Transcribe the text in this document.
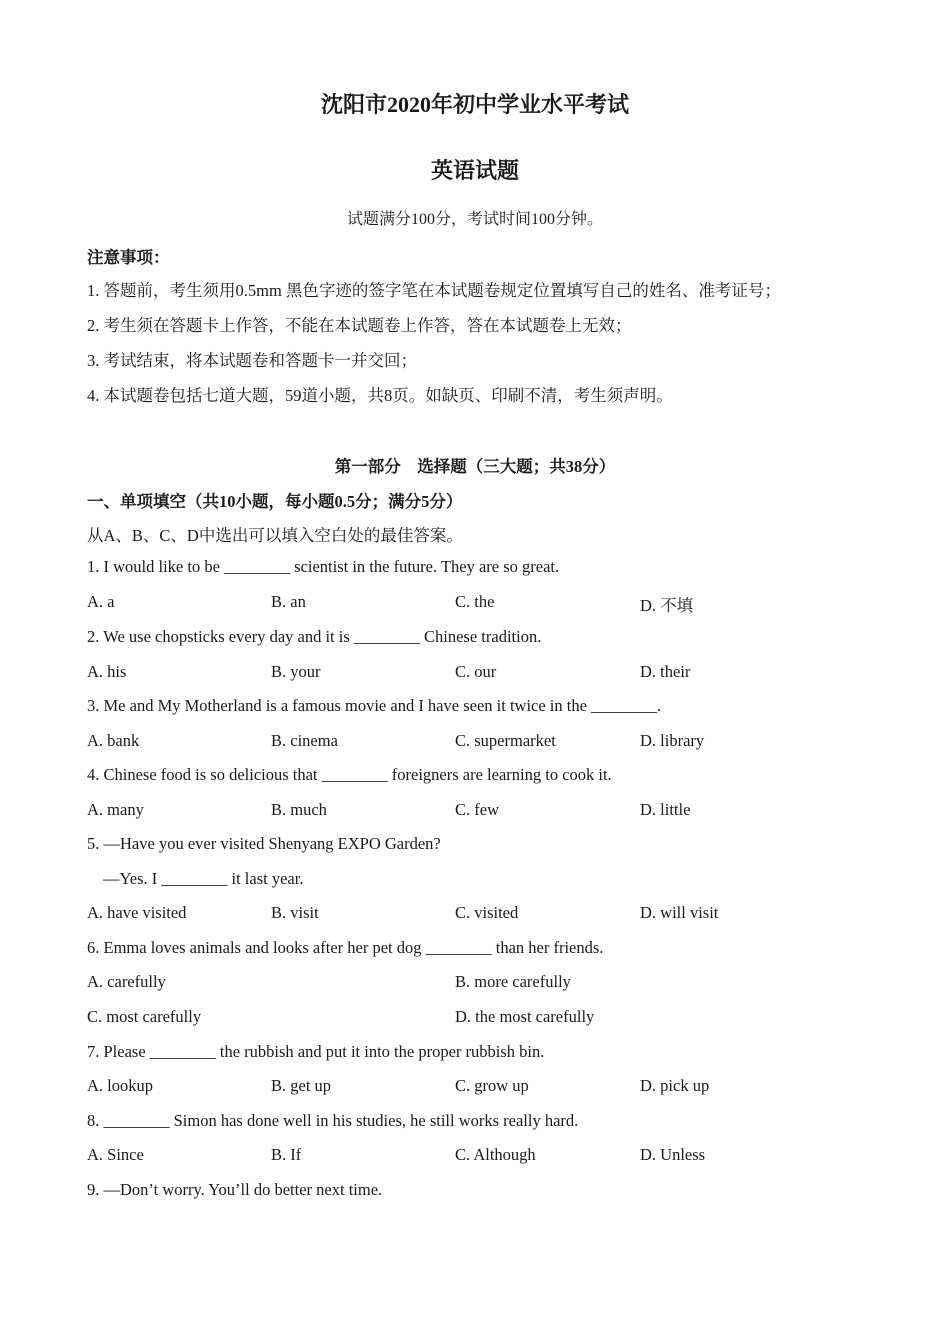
沈阳市2020年初中学业水平考试
英语试题
试题满分100分，考试时间100分钟。
注意事项：
1. 答题前，考生须用0.5mm 黑色字迹的签字笔在本试题卷规定位置填写自己的姓名、准考证号；
2. 考生须在答题卡上作答，不能在本试题卷上作答，答在本试题卷上无效；
3. 考试结束，将本试题卷和答题卡一并交回；
4. 本试题卷包括七道大题，59道小题，共8页。如缺页、印刷不清，考生须声明。
第一部分　选择题（三大题；共38分）
一、单项填空（共10小题，每小题0.5分；满分5分）
从A、B、C、D中选出可以填入空白处的最佳答案。
1. I would like to be ________ scientist in the future. They are so great.
A. a	B. an	C. the	D. 不填
2. We use chopsticks every day and it is ________ Chinese tradition.
A. his	B. your	C. our	D. their
3. Me and My Motherland is a famous movie and I have seen it twice in the ________.
A. bank	B. cinema	C. supermarket	D. library
4. Chinese food is so delicious that ________ foreigners are learning to cook it.
A. many	B. much	C. few	D. little
5. —Have you ever visited Shenyang EXPO Garden?
—Yes. I ________ it last year.
A. have visited	B. visit	C. visited	D. will visit
6. Emma loves animals and looks after her pet dog ________ than her friends.
A. carefully	B. more carefully
C. most carefully	D. the most carefully
7. Please ________ the rubbish and put it into the proper rubbish bin.
A. lookup	B. get up	C. grow up	D. pick up
8. ________ Simon has done well in his studies, he still works really hard.
A. Since	B. If	C. Although	D. Unless
9. —Don’t worry. You’ll do better next time.
